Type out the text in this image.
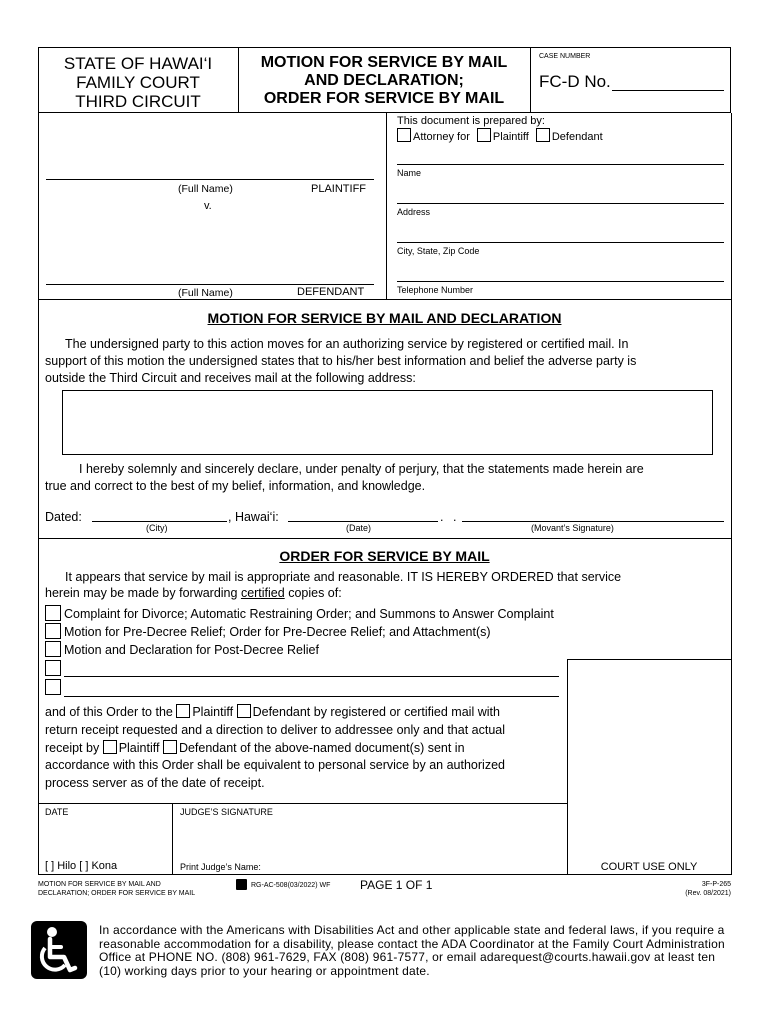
STATE OF HAWAI‘I
FAMILY COURT
THIRD CIRCUIT
MOTION FOR SERVICE BY MAIL
AND DECLARATION;
ORDER FOR SERVICE BY MAIL
CASE NUMBER
FC-D No.
(Full Name)	PLAINTIFF
v.
(Full Name)	DEFENDANT
This document is prepared by:
Attorney for Plaintiff Defendant
Name
Address
City, State, Zip Code
Telephone Number
MOTION FOR SERVICE BY MAIL AND DECLARATION
The undersigned party to this action moves for an authorizing service by registered or certified mail. In
support of this motion the undersigned states that to his/her best information and belief the adverse party is
outside the Third Circuit and receives mail at the following address:
I hereby solemnly and sincerely declare, under penalty of perjury, that the statements made herein are
true and correct to the best of my belief, information, and knowledge.
Dated:	, Hawai‘i:	. .
(City)	(Date)	(Movant’s Signature)
ORDER FOR SERVICE BY MAIL
It appears that service by mail is appropriate and reasonable. IT IS HEREBY ORDERED that service
herein may be made by forwarding certified copies of:
Complaint for Divorce; Automatic Restraining Order; and Summons to Answer Complaint
Motion for Pre-Decree Relief; Order for Pre-Decree Relief; and Attachment(s)
Motion and Declaration for Post-Decree Relief
and of this Order to the Plaintiff Defendant by registered or certified mail with
return receipt requested and a direction to deliver to addressee only and that actual
receipt by Plaintiff Defendant of the above-named document(s) sent in
accordance with this Order shall be equivalent to personal service by an authorized
process server as of the date of receipt.
DATE	JUDGE’S SIGNATURE
[ ] Hilo [ ] Kona	Print Judge’s Name:	COURT USE ONLY
MOTION FOR SERVICE BY MAIL AND
DECLARATION; ORDER FOR SERVICE BY MAIL
RG-AC-508(03/2022) WF PAGE 1 OF 1	3F-P-265
(Rev. 08/2021)
In accordance with the Americans with Disabilities Act and other applicable state and federal laws, if you require a
reasonable accommodation for a disability, please contact the ADA Coordinator at the Family Court Administration
Office at PHONE NO. (808) 961-7629, FAX (808) 961-7577, or email adarequest@courts.hawaii.gov at least ten
(10) working days prior to your hearing or appointment date.
